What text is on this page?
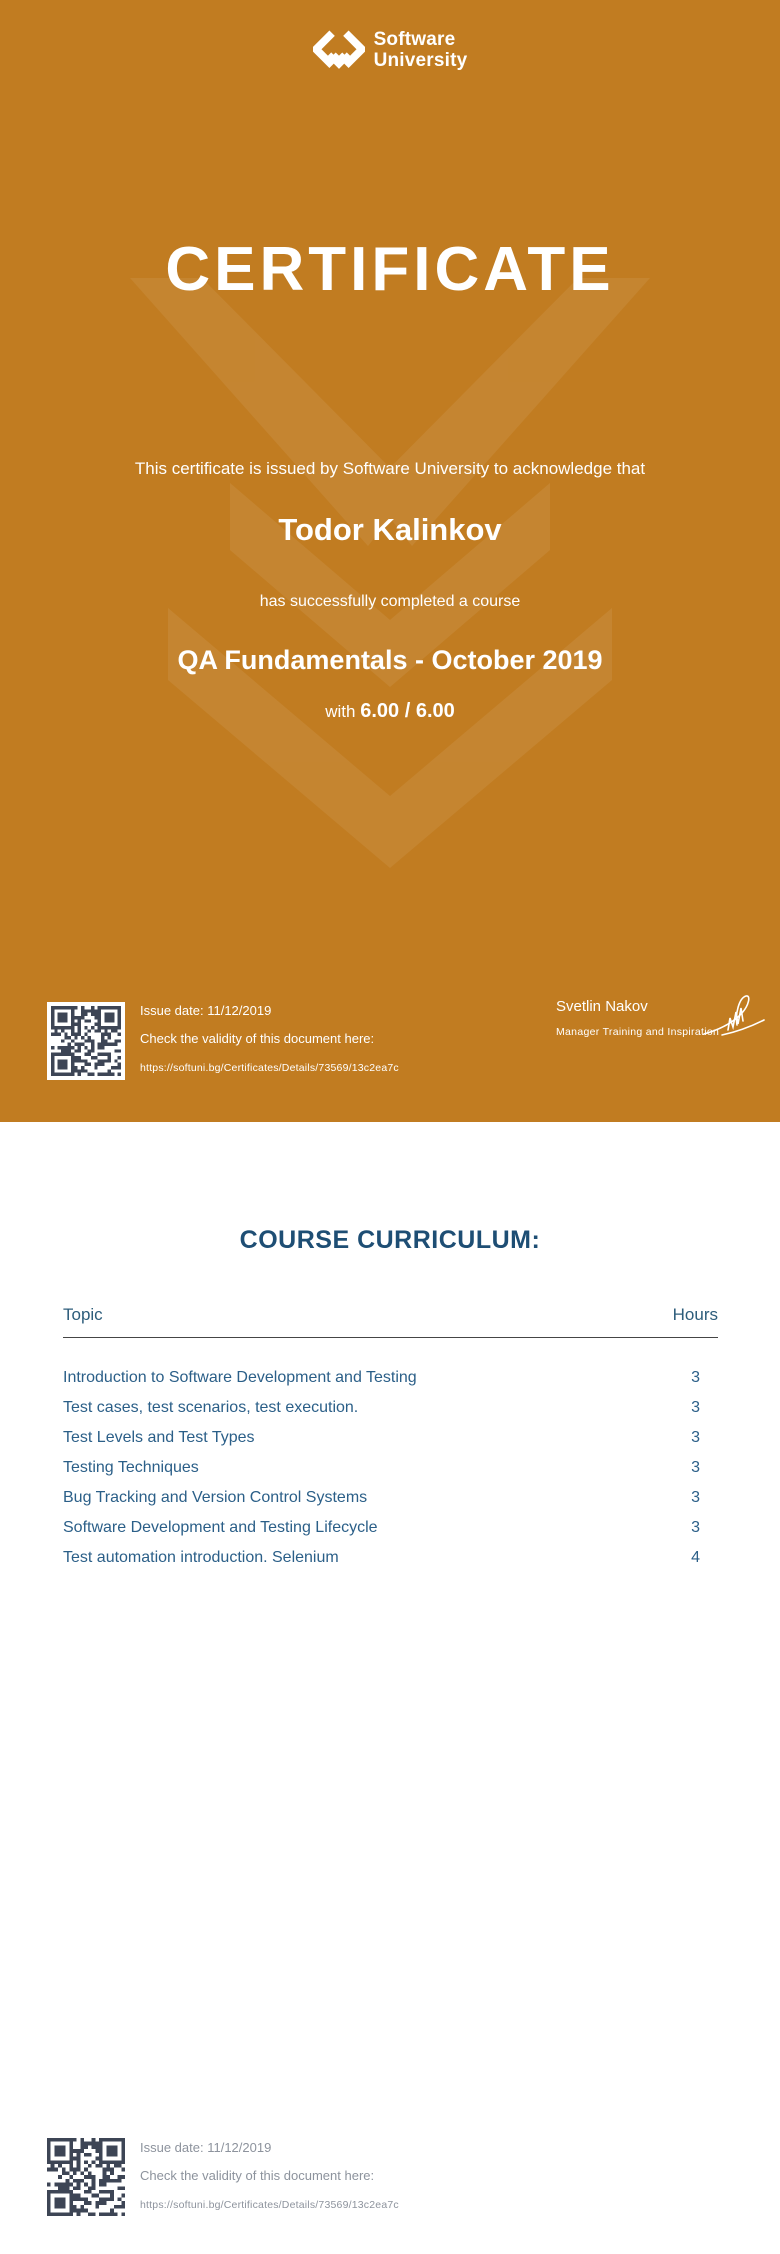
Software
University
CERTIFICATE
This certificate is issued by Software University to acknowledge that
Todor Kalinkov
has successfully completed a course
QA Fundamentals - October 2019
with 6.00 / 6.00
Issue date: 11/12/2019
Check the validity of this document here:
https://softuni.bg/Certificates/Details/73569/13c2ea7c
Svetlin Nakov
Manager Training and Inspiration
COURSE CURRICULUM:
Topic	Hours
Introduction to Software Development and Testing	3
Test cases, test scenarios, test execution.	3
Test Levels and Test Types	3
Testing Techniques	3
Bug Tracking and Version Control Systems	3
Software Development and Testing Lifecycle	3
Test automation introduction. Selenium	4
Issue date: 11/12/2019
Check the validity of this document here:
https://softuni.bg/Certificates/Details/73569/13c2ea7c
